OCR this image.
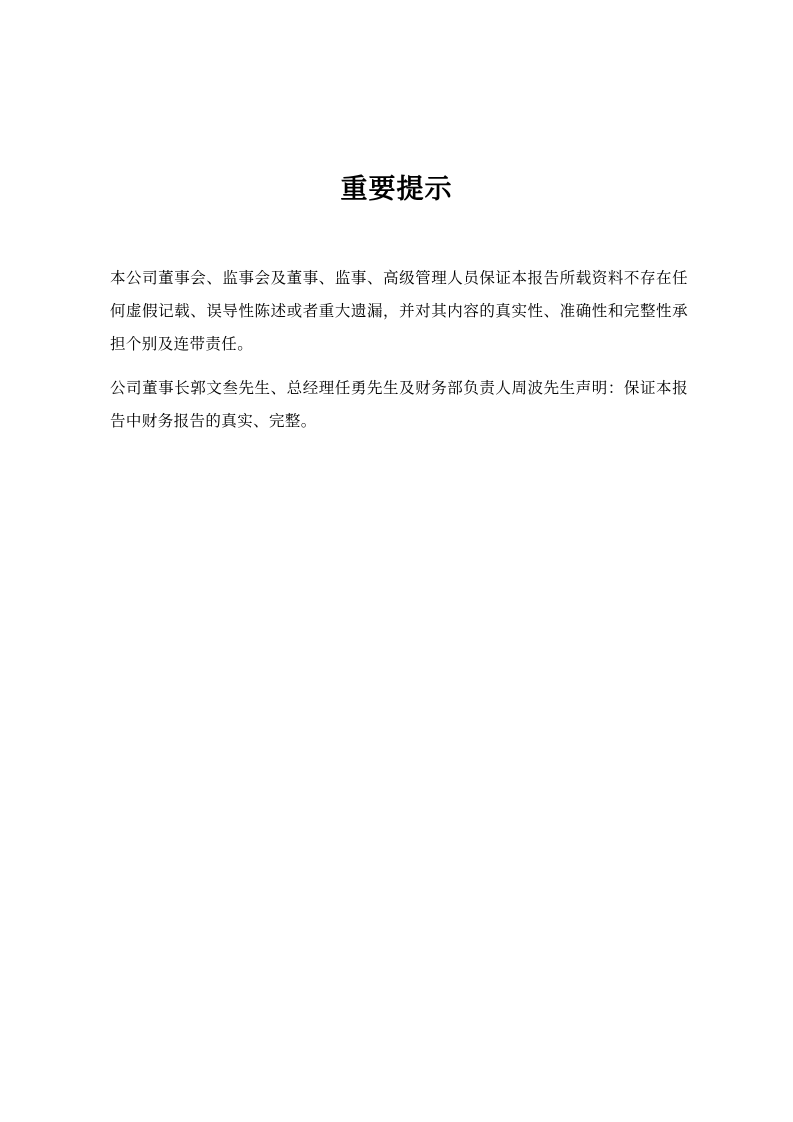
重要提示

本公司董事会、监事会及董事、监事、高级管理人员保证本报告所载资料不存在任何虚假记载、误导性陈述或者重大遗漏，并对其内容的真实性、准确性和完整性承担个别及连带责任。

公司董事长郭文叁先生、总经理任勇先生及财务部负责人周波先生声明：保证本报告中财务报告的真实、完整。
